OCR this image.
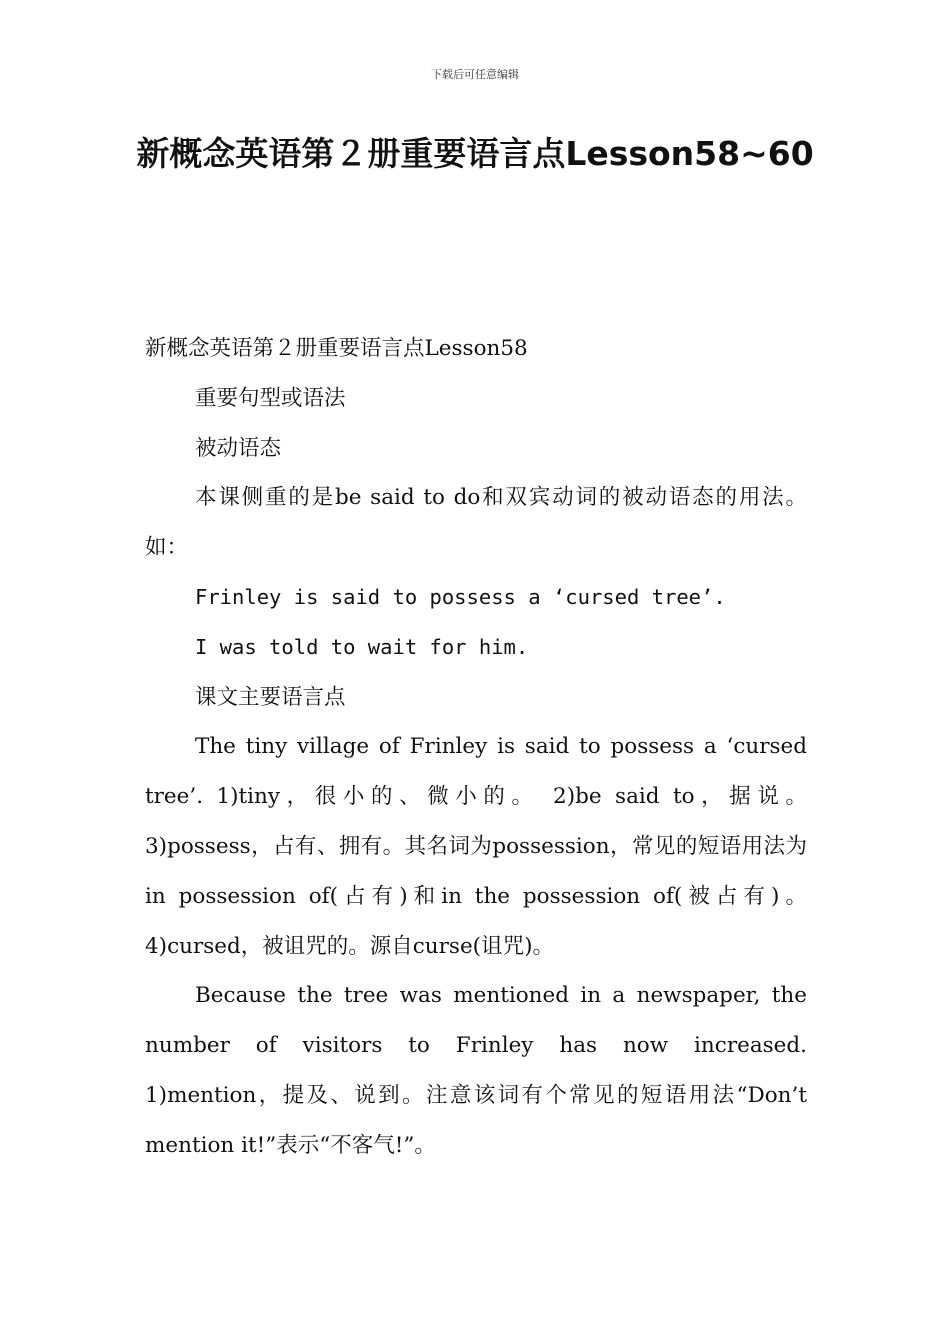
下载后可任意编辑
新概念英语第２册重要语言点Lesson58~60

新概念英语第２册重要语言点Lesson58

重要句型或语法

被动语态

本课侧重的是be said to do和双宾动词的被动语态的用法。如：

Frinley is said to possess a ‘cursed tree’.

I was told to wait for him.

课文主要语言点

The tiny village of Frinley is said to possess a ‘cursed tree’. 1)tiny，很小的、微小的。 2)be said to，据说。 3)possess，占有、拥有。其名词为possession，常见的短语用法为in possession of(占有)和in the possession of(被占有)。 4)cursed，被诅咒的。源自curse(诅咒)。

Because the tree was mentioned in a newspaper, the number of visitors to Frinley has now increased. 1)mention，提及、说到。注意该词有个常见的短语用法“Don’t mention it!”表示“不客气!”。
